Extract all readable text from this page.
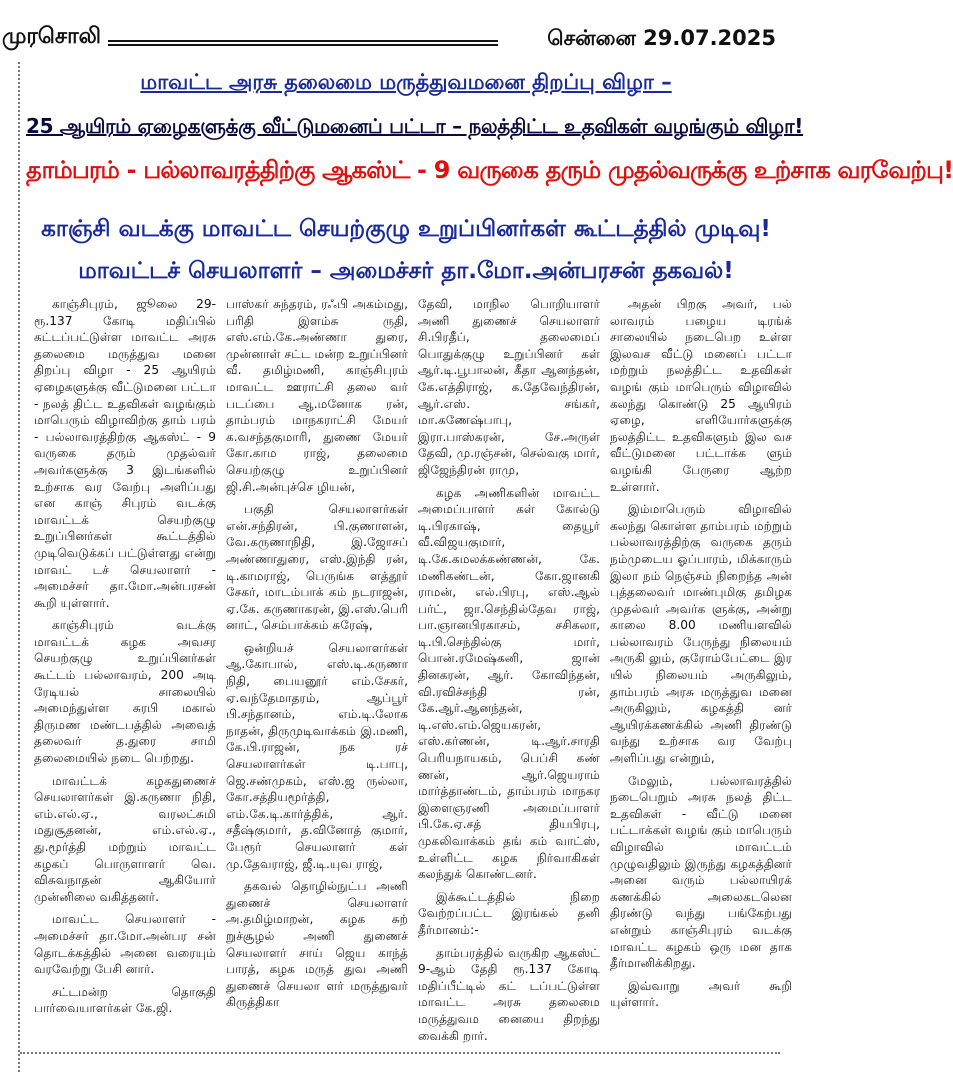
முரசொலி	சென்னை 29.07.2025
மாவட்ட அரசு தலைமை மருத்துவமனை திறப்பு விழா –
25 ஆயிரம் ஏழைகளுக்கு வீட்டுமனைப் பட்டா – நலத்திட்ட உதவிகள் வழங்கும் விழா!
தாம்பரம் - பல்லாவரத்திற்கு ஆகஸ்ட் - 9 வருகை தரும் முதல்வருக்கு உற்சாக வரவேற்பு!
காஞ்சி வடக்கு மாவட்ட செயற்குழு உறுப்பினர்கள் கூட்டத்தில் முடிவு!
மாவட்டச் செயலாளர் – அமைச்சர் தா.மோ.அன்பரசன் தகவல்!

காஞ்சிபுரம், ஜூலை 29- ரூ.137 கோடி மதிப்பில் கட்டப்பட்டுள்ள மாவட்ட அரசு தலைமை மருத்துவ மனை திறப்பு விழா - 25 ஆயிரம் ஏழைகளுக்கு வீட்டுமனை பட்டா - நலத் திட்ட உதவிகள் வழங்கும் மாபெரும் விழாவிற்கு தாம் பரம் - பல்லாவரத்திற்கு ஆகஸ்ட் - 9 வருகை தரும் முதல்வர் அவர்களுக்கு 3 இடங்களில் உற்சாக வர வேற்பு அளிப்பது என காஞ் சிபுரம் வடக்கு மாவட்டக் செயற்குழு உறுப்பினர்கள் கூட்டத்தில் முடிவெடுக்கப் பட்டுள்ளது என்று மாவட் டச் செயலாளர் - அமைச்சர் தா.மோ.அன்பரசன் கூறி யுள்ளார்.

காஞ்சிபுரம் வடக்கு மாவட்டக் கழக அவசர செயற்குழு உறுப்பினர்கள் கூட்டம் பல்லாவரம், 200 அடி ரேடியல் சாலையில் அமைந்துள்ள சுரபி மகால் திருமண மண்டபத்தில் அவைத் தலைவர் த.துரை சாமி தலைமையில் நடை பெற்றது.

மாவட்டக் கழகதுணைச் செயலாளர்கள் இ.கருணா நிதி, எம்.எல்.ஏ., வரலட்சுமி மதுசூதனன், எம்.எல்.ஏ., து.மூர்த்தி மற்றும் மாவட்ட கழகப் பொருளாளர் வெ. விசுவநாதன் ஆகியோர் முன்னிலை வகித்தனர்.

மாவட்ட செயலாளர் - அமைச்சர் தா.மோ.அன்பர சன் தொடக்கத்தில் அனை வரையும் வரவேற்று பேசி னார்.

சட்டமன்ற தொகுதி பார்வையாளர்கள் கே.ஜி.

பாஸ்கர் சுந்தரம், ரஃபி அகம்மது, பரிதி இளம்சு ருதி, எஸ்.எம்.கே.அண்ணா துரை, முன்னாள் சட்ட மன்ற உறுப்பினர் வீ. தமிழ்மணி, காஞ்சிபுரம் மாவட்ட ஊராட்சி தலை வர் படப்பை ஆ.மனோக ரன், தாம்பரம் மாநகராட்சி மேயர் க.வசந்தகுமாரி, துணை மேயர் கோ.காம ராஜ், தலைமை செயற்குழு உறுப்பினர் ஜி.சி.அன்புச்செ ழியன்,

பகுதி செயலாளர்கள் என்.சந்திரன், பி.குணாளன், வே.கருணாநிதி, இ.ஜோசப் அண்ணாதுரை, எஸ்.இந்தி ரன், டி.காமராஜ், பெருங்க ளத்தூர் சேகர், மாடம்பாக் கம் நடராஜன், ஏ.கே. கருணாகரன், இ.எஸ்.பெரி னாட், செம்பாக்கம் சுரேஷ்,

ஒன்றியச் செயலாளர்கள் ஆ.கோபால், எஸ்.டி.கருணா நிதி, பையனூர் எம்.சேகர், ஏ.வந்தேமாதரம், ஆப்பூர் பி.சந்தானம், எம்.டி.லோக நாதன், திருமுடிவாக்கம் இ.மணி, கே.பி.ராஜன், நக ரச் செயலாளர்கள் டி.பாபு, ஜெ.சண்முகம், எஸ்.ஜ ருல்லா, கோ.சத்தியமூர்த்தி, எம்.கே.டி.கார்த்திக், ஆர். சதீஷ்குமார், த.வினோத் குமார், பேரூர் செயலாளர் கள் மு.தேவராஜ், ஜீ.டி.யுவ ராஜ்,

தகவல் தொழில்நுட்ப அணி துணைச் செயலாளர் அ.தமிழ்மாறன், கழக சுற் றுச்சூழல் அணி துணைச் செயலாளர் சாய் ஜெய காந்த் பாரத், கழக மருத் துவ அணி துணைச் செயலா ளர் மருத்துவர் கிருத்திகா

தேவி, மாநில பொறியாளர் அணி துணைச் செயலாளர் சி.பிரதீப், தலைமைப் பொதுக்குழு உறுப்பினர் கள் ஆர்.டி.பூபாலன், கீதா ஆனந்தன், கே.எத்திராஜ், க.தேவேந்திரன், ஆர்.எஸ். சங்கர், மா.கணேஷ்பாபு, இரா.பாஸ்கரன், சே.அருள் தேவி, மு.ரஞ்சன், செல்வகு மார், ஜிஜேந்திரன் ராமு,

கழக அணிகளின் மாவட்ட அமைப்பாளர் கள் கோல்டு டி.பிரகாஷ், தையூர் வீ.விஜயகுமார், டி.கே.கமலக்கண்ணன், கே. மணிகண்டன், கோ.ஜானகி ராமன், எல்.பிரபு, எஸ்.ஆல் பர்ட், ஜா.செந்தில்தேவ ராஜ், பா.ஞானபிரகாசம், சசிகலா, டி.பி.செந்தில்கு மார், பொன்.ரமேஷ்கனி, ஜான் தினகரன், ஆர். கோவிந்தன், வி.ரவிச்சந்தி ரன், கே.ஆர்.ஆனந்தன், டி.எஸ்.எம்.ஜெயகரன், எஸ்.கர்ணன், டி.ஆர்.சாரதி பெரியநாயகம், பெப்சி கண் ணன், ஆர்.ஜெயராம் மார்த்தாண்டம், தாம்பரம் மாநகர இளைஞரணி அமைப்பாளர் பி.கே.ஏ.சத் தியபிரபு, முகலிவாக்கம் தங் கம் வாட்ஸ், உள்ளிட்ட கழக நிர்வாகிகள் கலந்துக் கொண்டனர்.

இக்கூட்டத்தில் நிறை வேற்றப்பட்ட இரங்கல் தனி தீர்மானம்:-

தாம்பரத்தில் வருகிற ஆகஸ்ட் 9-ஆம் தேதி ரூ.137 கோடி மதிப்பீட்டில் கட் டப்பட்டுள்ள மாவட்ட அரசு தலைமை மருத்துவம னையை திறந்து வைக்கி றார்.

அதன் பிறகு அவர், பல் லாவரம் பழைய டிரங்க் சாலையில் நடைபெற உள்ள இலவச வீட்டு மனைப் பட்டா மற்றும் நலத்திட்ட உதவிகள் வழங் கும் மாபெரும் விழாவில் கலந்து கொண்டு 25 ஆயிரம் ஏழை, எளியோர்களுக்கு நலத்திட்ட உதவிகளும் இல வச வீட்டுமனை பட்டாக்க ளும் வழங்கி பேருரை ஆற்ற உள்ளார்.

இம்மாபெரும் விழாவில் கலந்து கொள்ள தாம்பரம் மற்றும் பல்லாவரத்திற்கு வருகை தரும் நம்முடைய ஓப்பாரம், மிக்காரும் இலா நம் நெஞ்சம் நிறைந்த அன் புத்தலைவர் மாண்புமிகு தமிழக முதல்வர் அவர்க ளுக்கு, அன்று காலை 8.00 மணியளவில் பல்லாவரம் பேருந்து நிலையம் அருகி லும், குரோம்பேட்டை இர யில் நிலையம் அருகிலும், தாம்பரம் அரசு மருத்துவ மனை அருகிலும், கழகத்தி னர் ஆயிரக்கணக்கில் அணி திரண்டு வந்து உற்சாக வர வேற்பு அளிப்பது என்றும்,

மேலும், பல்லாவரத்தில் நடைபெறும் அரசு நலத் திட்ட உதவிகள் - வீட்டு மனை பட்டாக்கள் வழங் கும் மாபெரும் விழாவில் மாவட்டம் முழுவதிலும் இருந்து கழகத்தினர் அனை வரும் பல்லாயிரக் கணக்கில் அலைகடலென திரண்டு வந்து பங்கேற்பது என்றும் காஞ்சிபுரம் வடக்கு மாவட்ட கழகம் ஒரு மன தாக தீர்மானிக்கிறது.

இவ்வாறு அவர் கூறி யுள்ளார்.
